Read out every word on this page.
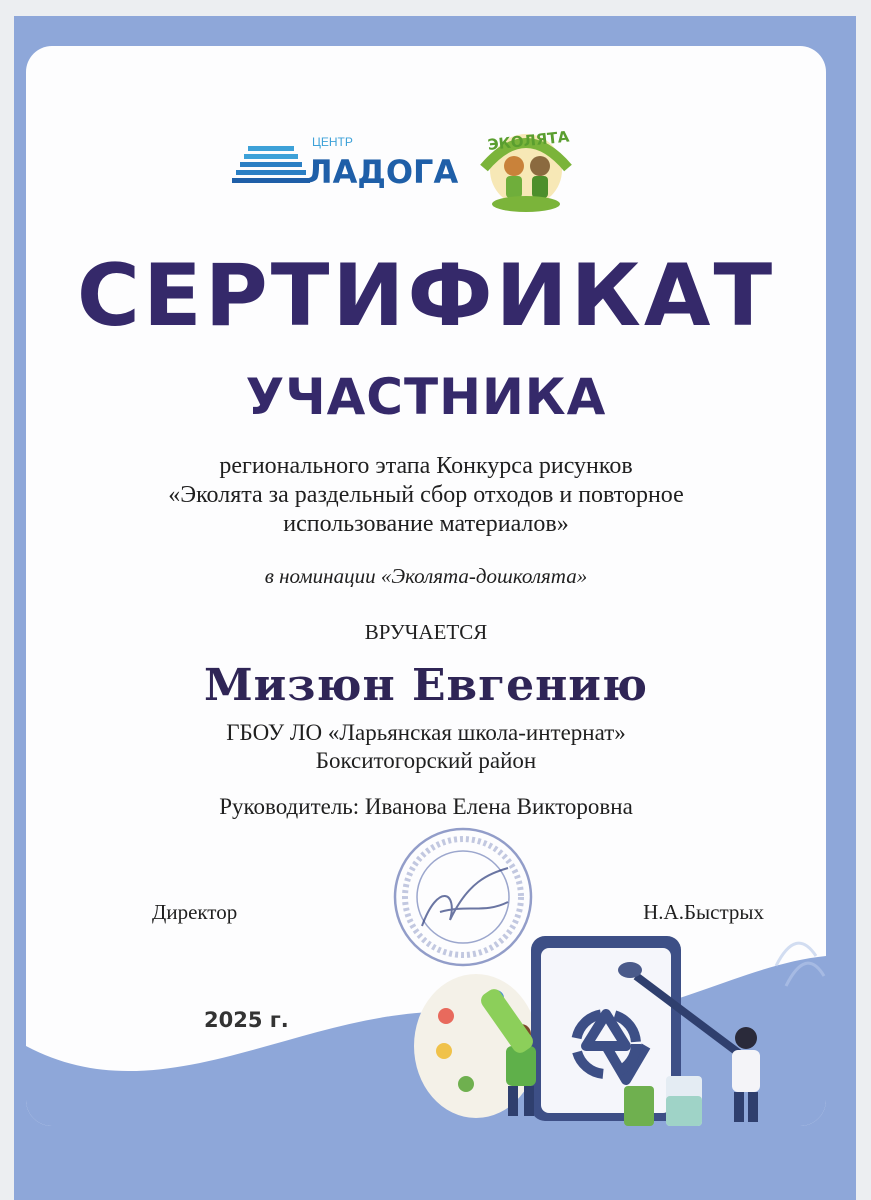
ЦЕНТР
ЛАДОГА
ЭКОЛЯТА
СЕРТИФИКАТ
УЧАСТНИКА
регионального этапа Конкурса рисунков
«Эколята за раздельный сбор отходов и повторное
использование материалов»
в номинации «Эколята-дошколята»
ВРУЧАЕТСЯ
Мизюн Евгению
ГБОУ ЛО «Ларьянская школа-интернат»
Бокситогорский район
Руководитель: Иванова Елена Викторовна
Директор	Н.А.Быстрых
2025 г.
